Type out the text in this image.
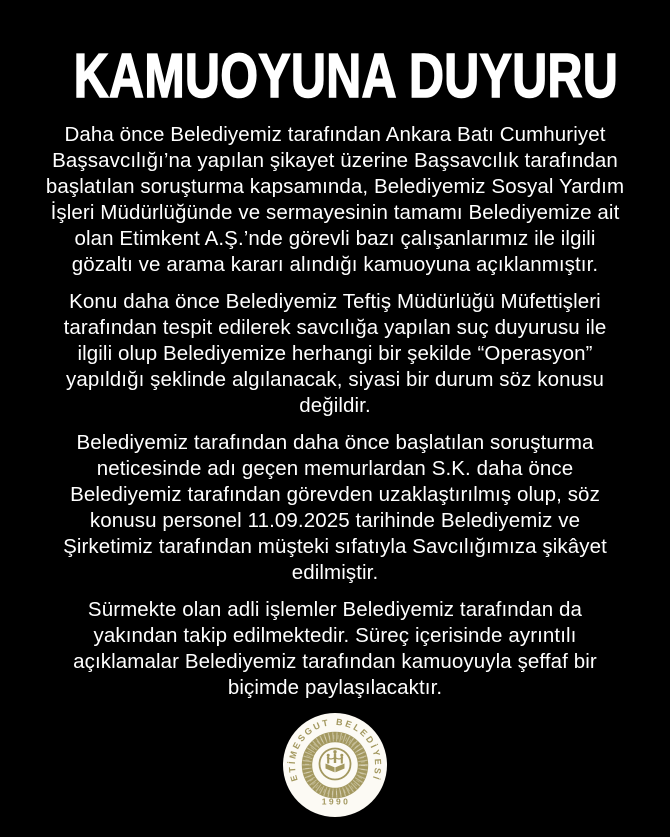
KAMUOYUNA DUYURU
Daha önce Belediyemiz tarafından Ankara Batı Cumhuriyet
Başsavcılığı’na yapılan şikayet üzerine Başsavcılık tarafından
başlatılan soruşturma kapsamında, Belediyemiz Sosyal Yardım
İşleri Müdürlüğünde ve sermayesinin tamamı Belediyemize ait
olan Etimkent A.Ş.’nde görevli bazı çalışanlarımız ile ilgili
gözaltı ve arama kararı alındığı kamuoyuna açıklanmıştır.
Konu daha önce Belediyemiz Teftiş Müdürlüğü Müfettişleri
tarafından tespit edilerek savcılığa yapılan suç duyurusu ile
ilgili olup Belediyemize herhangi bir şekilde “Operasyon”
yapıldığı şeklinde algılanacak, siyasi bir durum söz konusu
değildir.
Belediyemiz tarafından daha önce başlatılan soruşturma
neticesinde adı geçen memurlardan S.K. daha önce
Belediyemiz tarafından görevden uzaklaştırılmış olup, söz
konusu personel 11.09.2025 tarihinde Belediyemiz ve
Şirketimiz tarafından müşteki sıfatıyla Savcılığımıza şikâyet
edilmiştir.
Sürmekte olan adli işlemler Belediyemiz tarafından da
yakından takip edilmektedir. Süreç içerisinde ayrıntılı
açıklamalar Belediyemiz tarafından kamuoyuyla şeffaf bir
biçimde paylaşılacaktır.
ETİMESGUT BELEDİYESİ
1990
